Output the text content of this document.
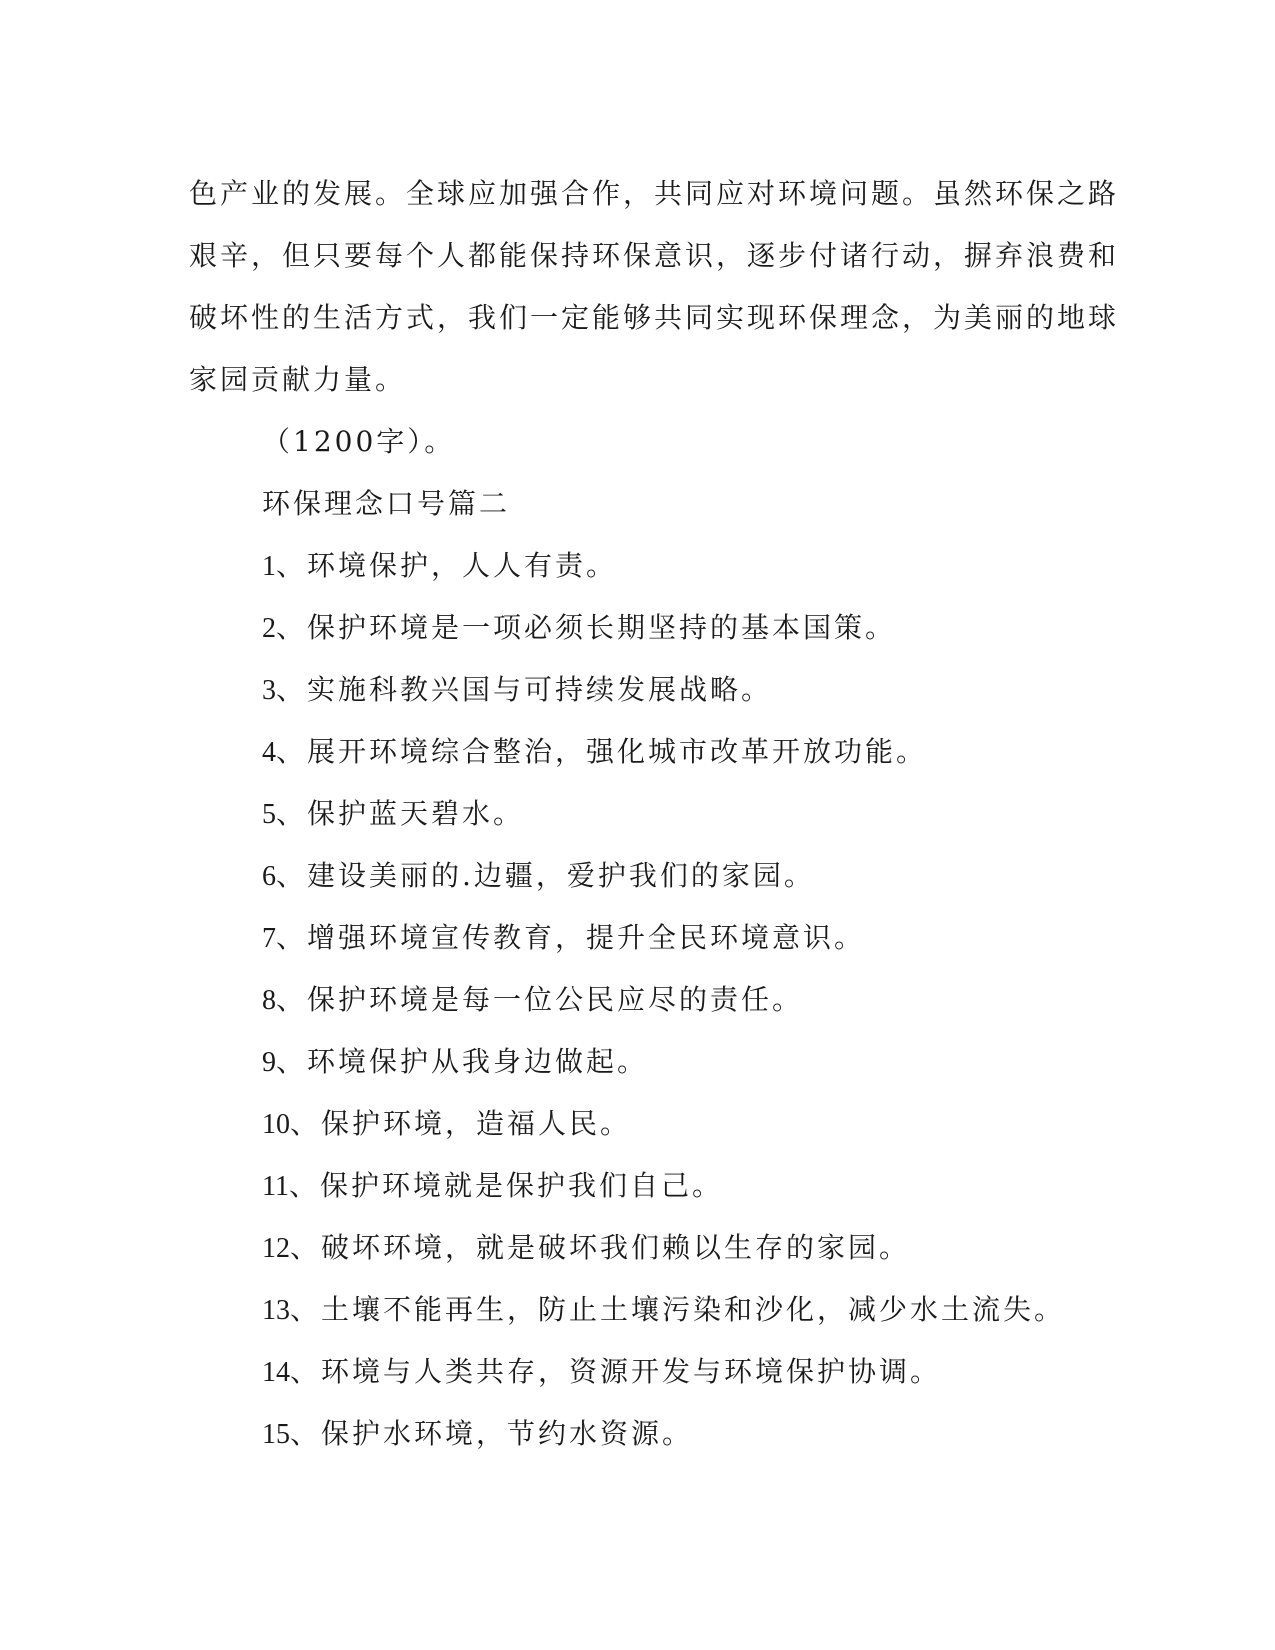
色产业的发展。全球应加强合作，共同应对环境问题。虽然环保之路
艰辛，但只要每个人都能保持环保意识，逐步付诸行动，摒弃浪费和
破坏性的生活方式，我们一定能够共同实现环保理念，为美丽的地球
家园贡献力量。
（1200字）。
环保理念口号篇二
1、环境保护，人人有责。
2、保护环境是一项必须长期坚持的基本国策。
3、实施科教兴国与可持续发展战略。
4、展开环境综合整治，强化城市改革开放功能。
5、保护蓝天碧水。
6、建设美丽的.边疆，爱护我们的家园。
7、增强环境宣传教育，提升全民环境意识。
8、保护环境是每一位公民应尽的责任。
9、环境保护从我身边做起。
10、保护环境，造福人民。
11、保护环境就是保护我们自己。
12、破坏环境，就是破坏我们赖以生存的家园。
13、土壤不能再生，防止土壤污染和沙化，减少水土流失。
14、环境与人类共存，资源开发与环境保护协调。
15、保护水环境，节约水资源。
